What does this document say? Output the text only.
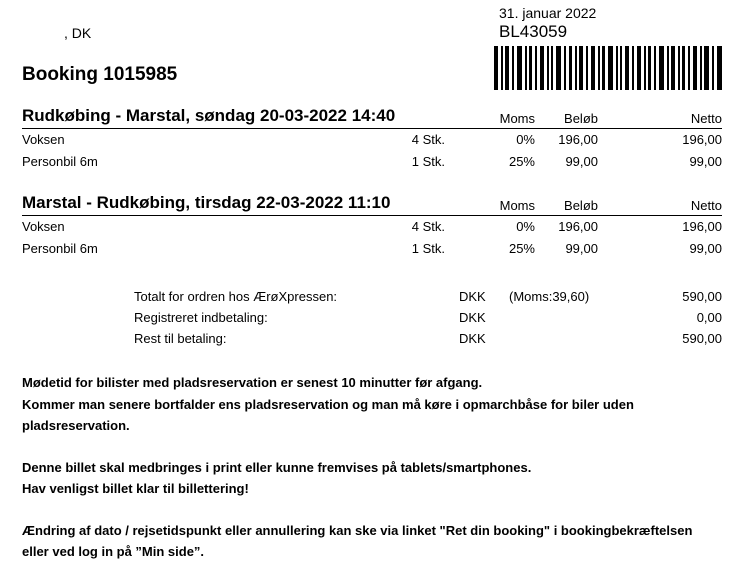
, DK
31. januar 2022
BL43059
Booking 1015985
Rudkøbing - Marstal, søndag 20-03-2022 14:40	Moms Beløb	Netto
Voksen	4 Stk.	0% 196,00	196,00
Personbil 6m	1 Stk.	25% 99,00	99,00
Marstal - Rudkøbing, tirsdag 22-03-2022 11:10	Moms Beløb	Netto
Voksen	4 Stk.	0% 196,00	196,00
Personbil 6m	1 Stk.	25% 99,00	99,00
Totalt for ordren hos ÆrøXpressen:	DKK (Moms:39,60)	590,00
Registreret indbetaling:	DKK	0,00
Rest til betaling:	DKK	590,00

Mødetid for bilister med pladsreservation er senest 10 minutter før afgang.
Kommer man senere bortfalder ens pladsreservation og man må køre i opmarchbåse for biler uden
pladsreservation.

Denne billet skal medbringes i print eller kunne fremvises på tablets/smartphones.
Hav venligst billet klar til billettering!

Ændring af dato / rejsetidspunkt eller annullering kan ske via linket "Ret din booking" i bookingbekræftelsen
eller ved log in på ”Min side”.
